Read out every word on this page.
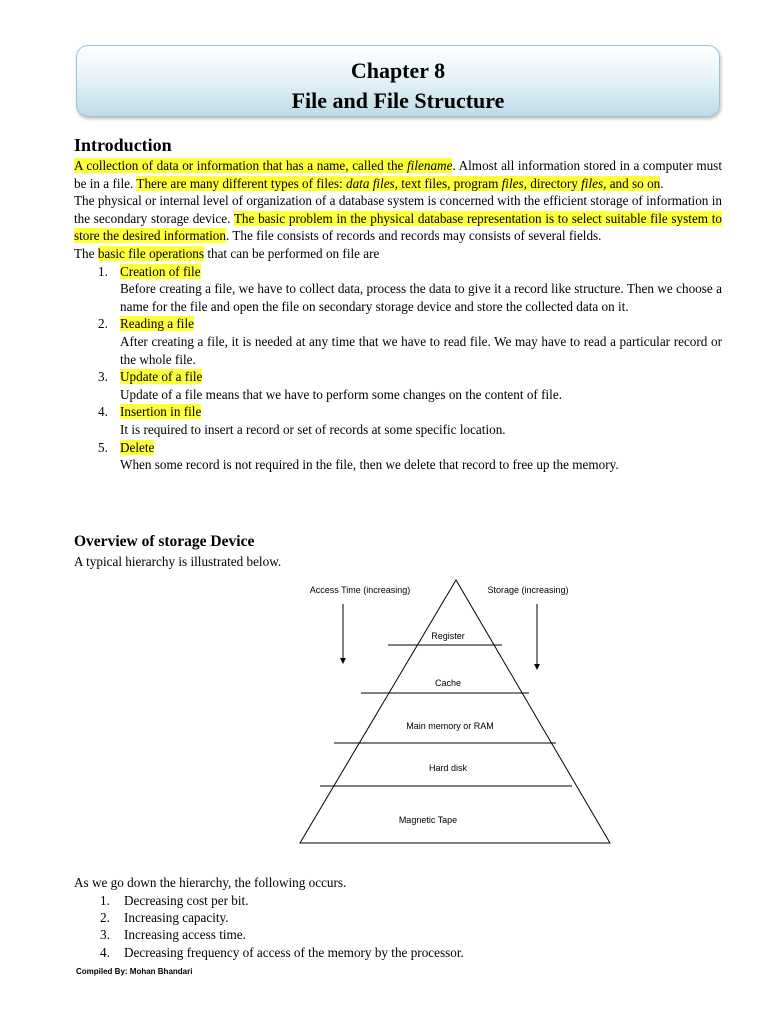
Chapter 8
File and File Structure
Introduction

A collection of data or information that has a name, called the filename. Almost all information stored in a computer must be in a file. There are many different types of files: data files, text files, program files, directory files, and so on.

The physical or internal level of organization of a database system is concerned with the efficient storage of information in the secondary storage device. The basic problem in the physical database representation is to select suitable file system to store the desired information. The file consists of records and records may consists of several fields.

The basic file operations that can be performed on file are

1. Creation of file
Before creating a file, we have to collect data, process the data to give it a record like structure. Then we choose a name for the file and open the file on secondary storage device and store the collected data on it.
2. Reading a file
After creating a file, it is needed at any time that we have to read file. We may have to read a particular record or the whole file.
3. Update of a file
Update of a file means that we have to perform some changes on the content of file.
4. Insertion in file
It is required to insert a record or set of records at some specific location.
5. Delete
When some record is not required in the file, then we delete that record to free up the memory.
Overview of storage Device

A typical hierarchy is illustrated below.

Register
Cache
Main memory or RAM
Hard disk
Magnetic Tape
Access Time (increasing)	Storage (increasing)

As we go down the hierarchy, the following occurs.

1. Decreasing cost per bit.
2. Increasing capacity.
3. Increasing access time.
4. Decreasing frequency of access of the memory by the processor.
Compiled By: Mohan Bhandari
